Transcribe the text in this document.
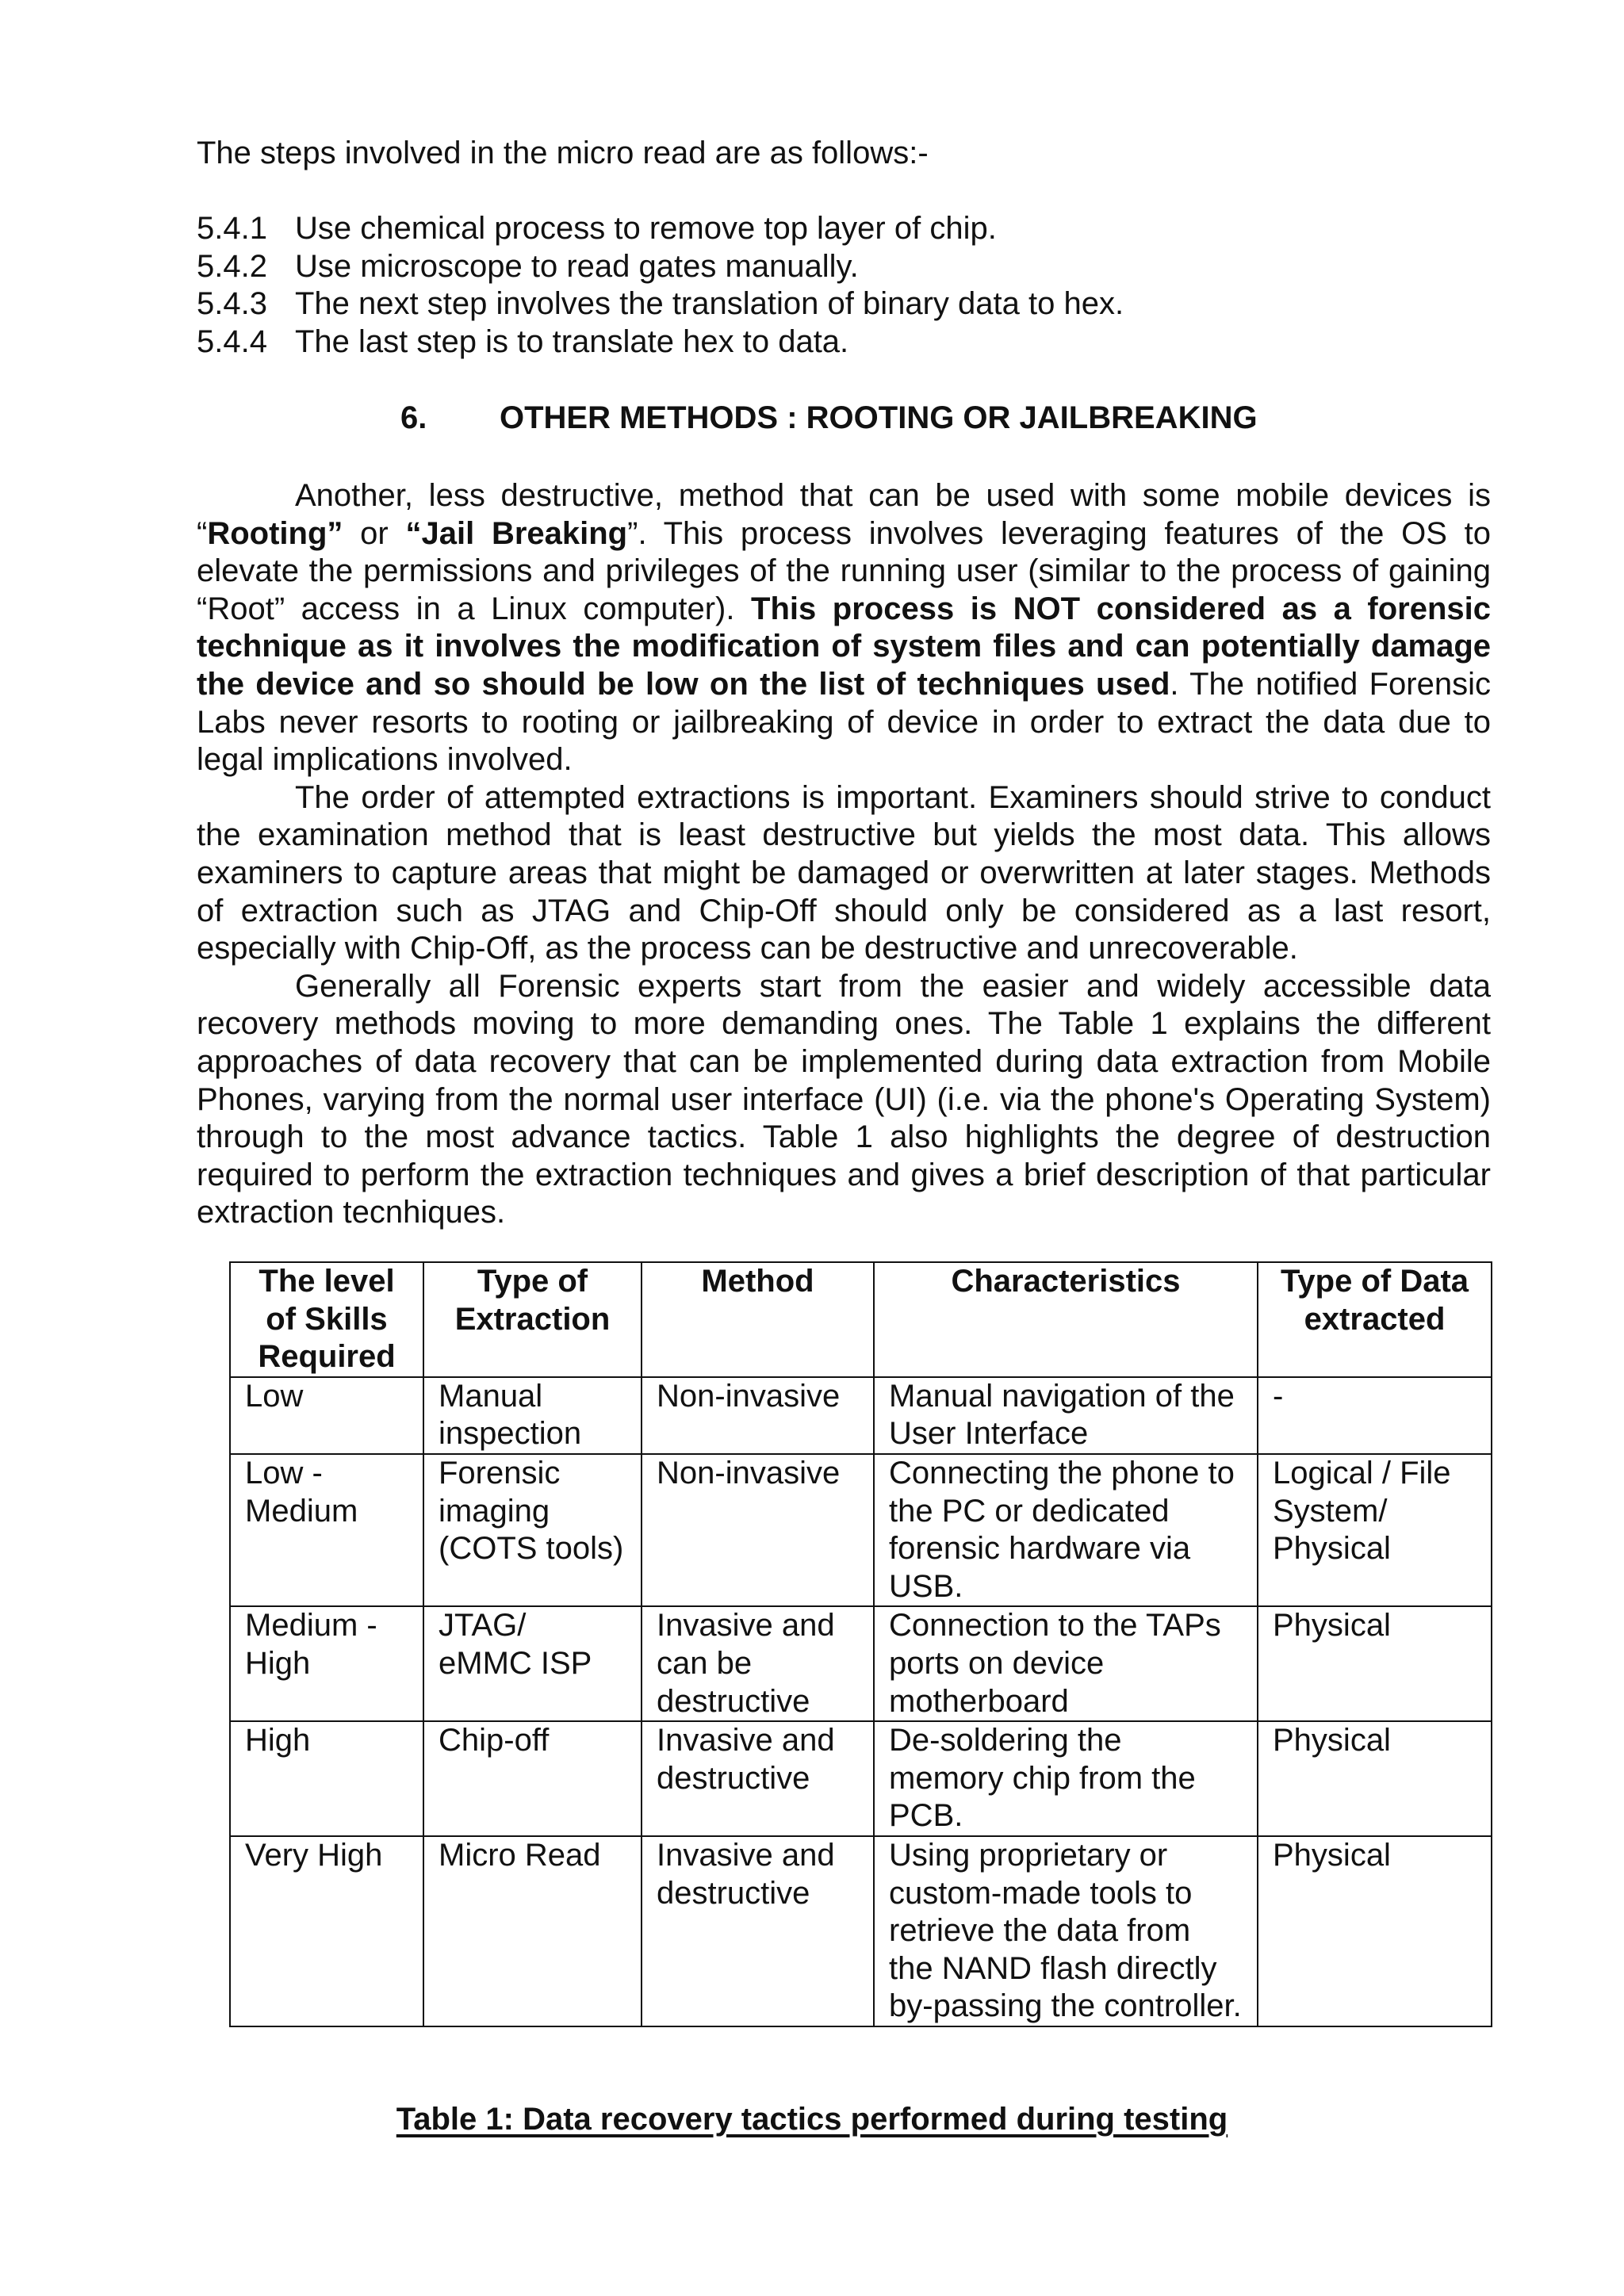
The steps involved in the micro read are as follows:-
5.4.1 Use chemical process to remove top layer of chip.
5.4.2 Use microscope to read gates manually.
5.4.3 The next step involves the translation of binary data to hex.
5.4.4 The last step is to translate hex to data.
6. OTHER METHODS : ROOTING OR JAILBREAKING

Another, less destructive, method that can be used with some mobile devices is “Rooting” or “Jail Breaking”. This process involves leveraging features of the OS to elevate the permissions and privileges of the running user (similar to the process of gaining “Root” access in a Linux computer). This process is NOT considered as a forensic technique as it involves the modification of system files and can potentially damage the device and so should be low on the list of techniques used. The notified Forensic Labs never resorts to rooting or jailbreaking of device in order to extract the data due to legal implications involved.

The order of attempted extractions is important. Examiners should strive to conduct the examination method that is least destructive but yields the most data. This allows examiners to capture areas that might be damaged or overwritten at later stages. Methods of extraction such as JTAG and Chip-Off should only be considered as a last resort, especially with Chip-Off, as the process can be destructive and unrecoverable.

Generally all Forensic experts start from the easier and widely accessible data recovery methods moving to more demanding ones. The Table 1 explains the different approaches of data recovery that can be implemented during data extraction from Mobile Phones, varying from the normal user interface (UI) (i.e. via the phone's Operating System) through to the most advance tactics. Table 1 also highlights the degree of destruction required to perform the extraction techniques and gives a brief description of that particular extraction tecnhiques.

The level of Skills Required	Type of Extraction	Method	Characteristics	Type of Data extracted
Low	Manual inspection	Non-invasive	Manual navigation of the User Interface	-
Low - Medium	Forensic imaging (COTS tools)	Non-invasive	Connecting the phone to the PC or dedicated forensic hardware via USB.	Logical / File System/ Physical
Medium - High	JTAG/ eMMC ISP	Invasive and can be destructive	Connection to the TAPs ports on device motherboard	Physical
High	Chip-off	Invasive and destructive	De-soldering the memory chip from the PCB.	Physical
Very High	Micro Read	Invasive and destructive	Using proprietary or custom-made tools to retrieve the data from the NAND flash directly by-passing the controller.	Physical
Table 1: Data recovery tactics performed during testing
